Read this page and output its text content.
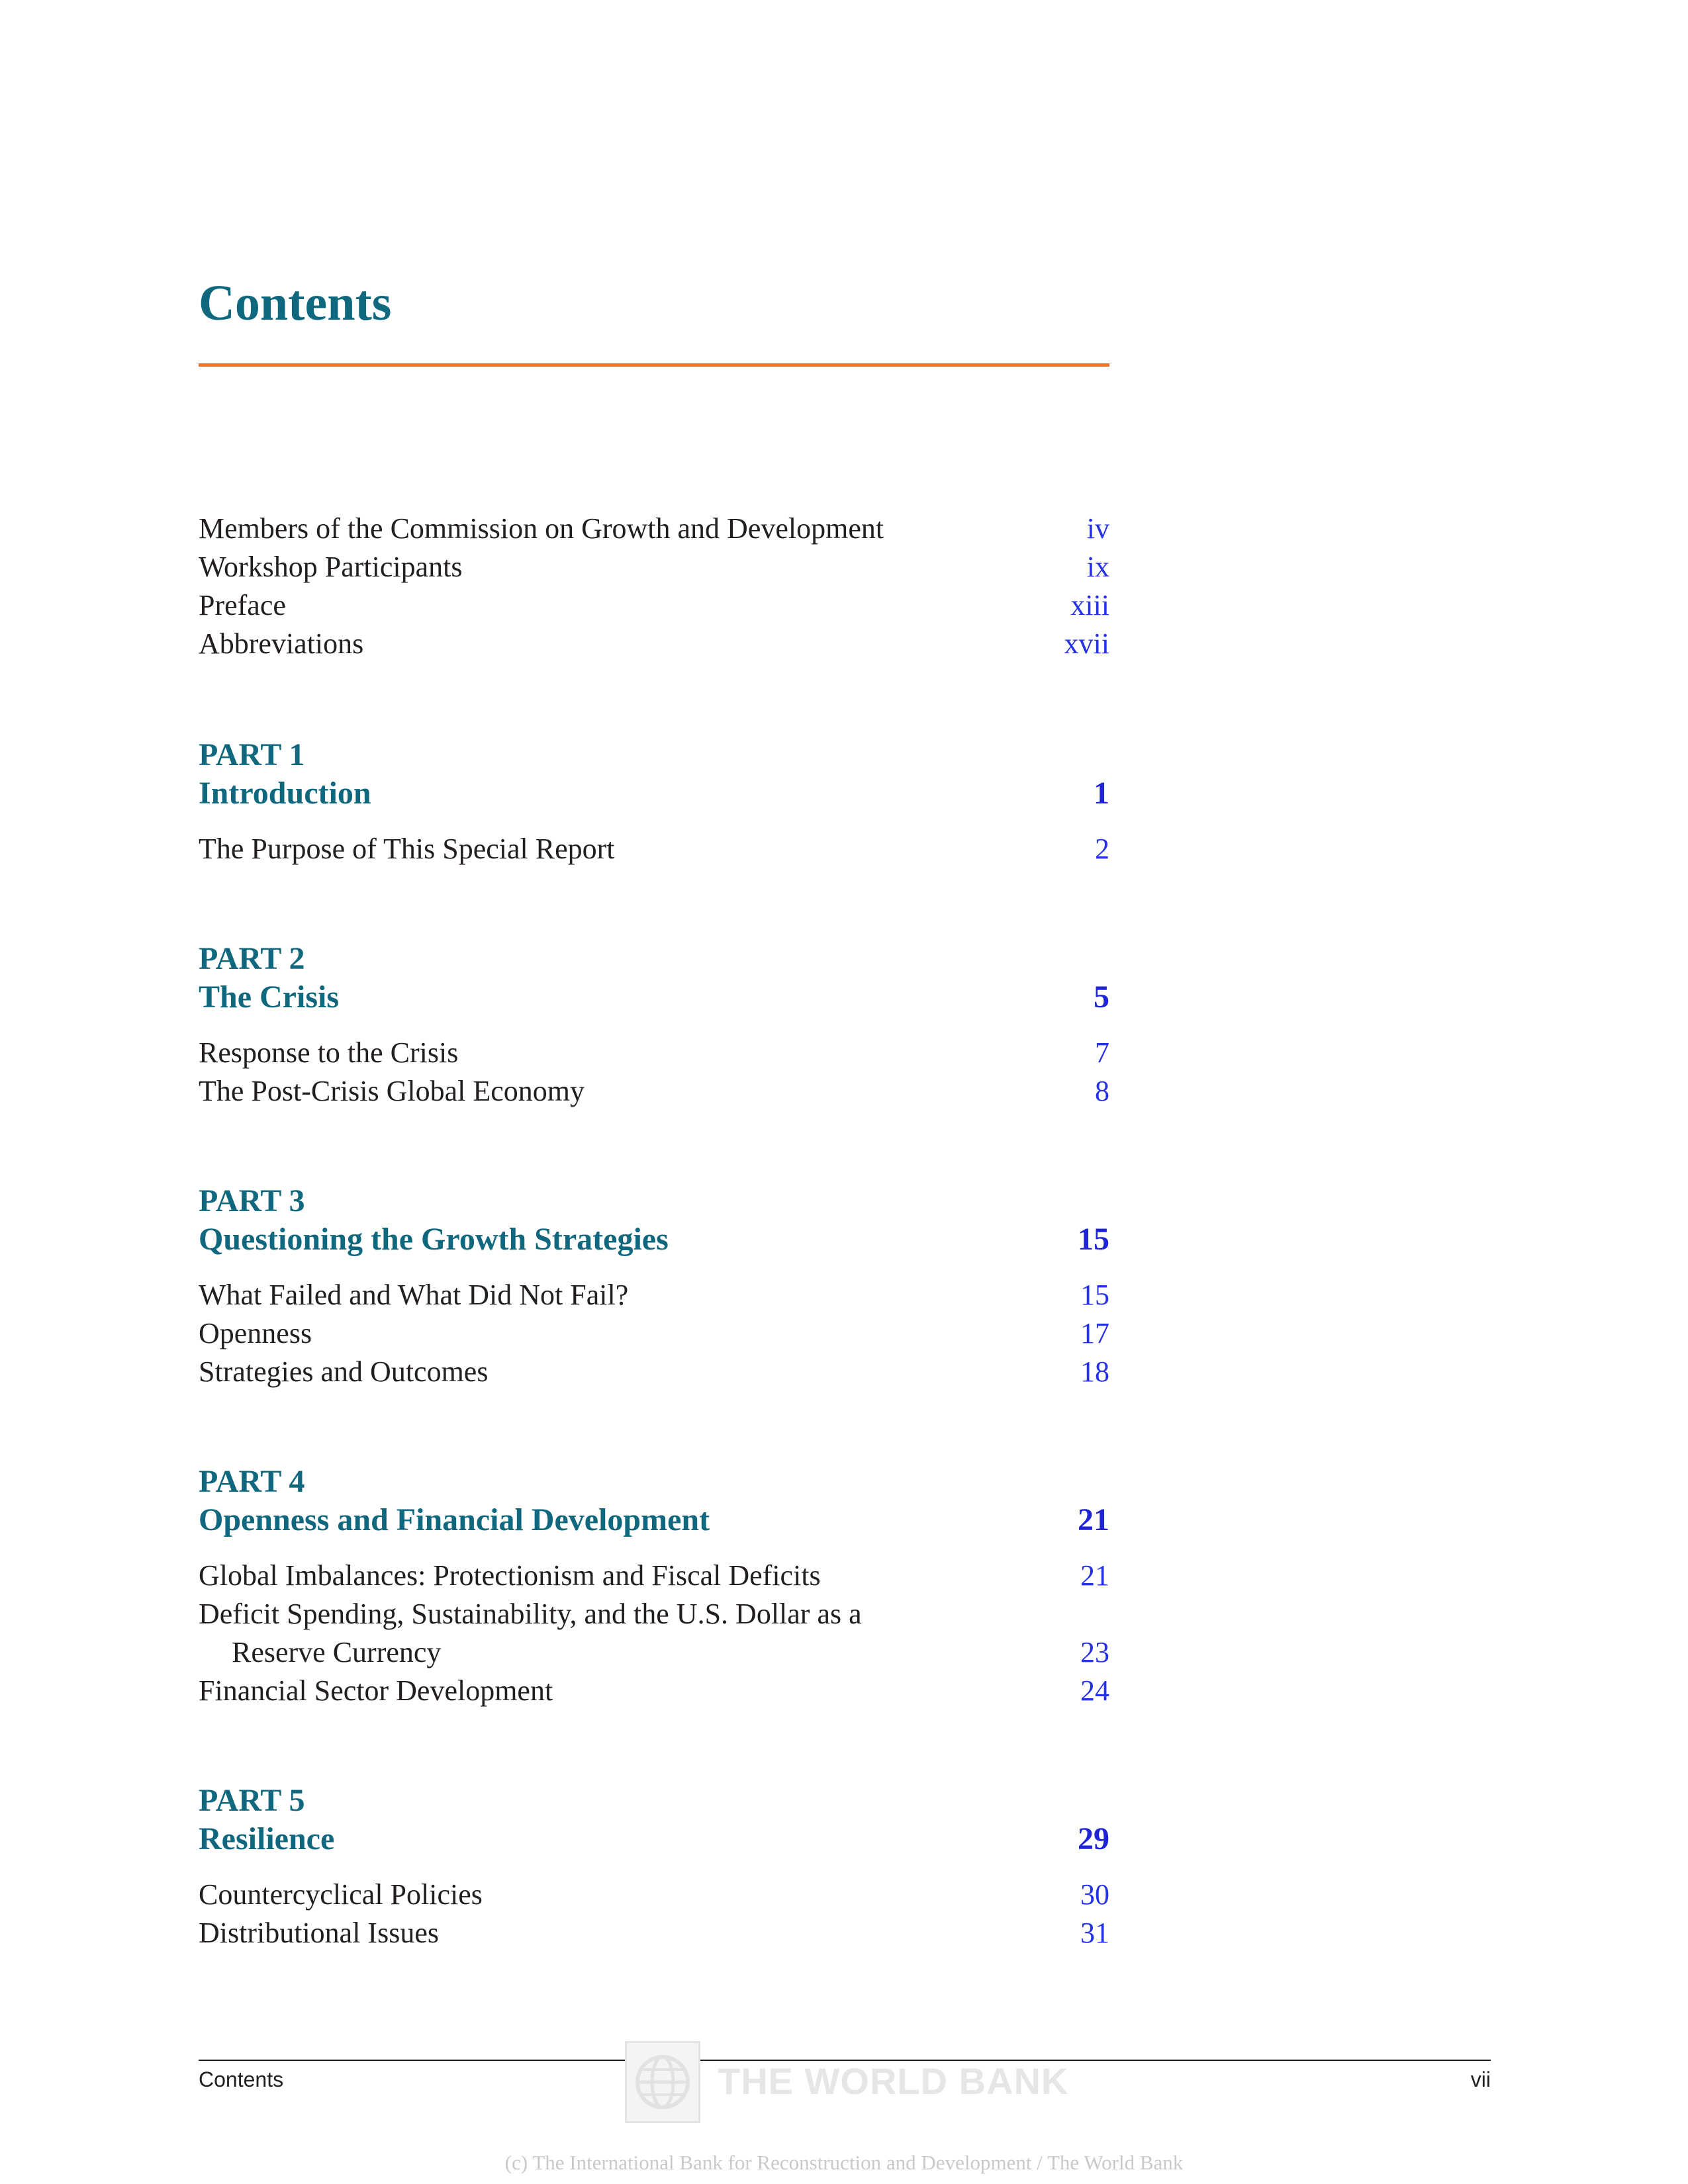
Contents
Members of the Commission on Growth and Development	iv
Workshop Participants	ix
Preface	xiii
Abbreviations	xvii
PART 1
Introduction	1
The Purpose of This Special Report	2
PART 2
The Crisis	5
Response to the Crisis	7
The Post-Crisis Global Economy	8
PART 3
Questioning the Growth Strategies	15
What Failed and What Did Not Fail?	15
Openness	17
Strategies and Outcomes	18
PART 4
Openness and Financial Development	21
Global Imbalances: Protectionism and Fiscal Deficits	21
Deficit Spending, Sustainability, and the U.S. Dollar as a
Reserve Currency	23
Financial Sector Development	24
PART 5
Resilience	29
Countercyclical Policies	30
Distributional Issues	31
THE WORLD BANK
Contents	vii
(c) The International Bank for Reconstruction and Development / The World Bank
